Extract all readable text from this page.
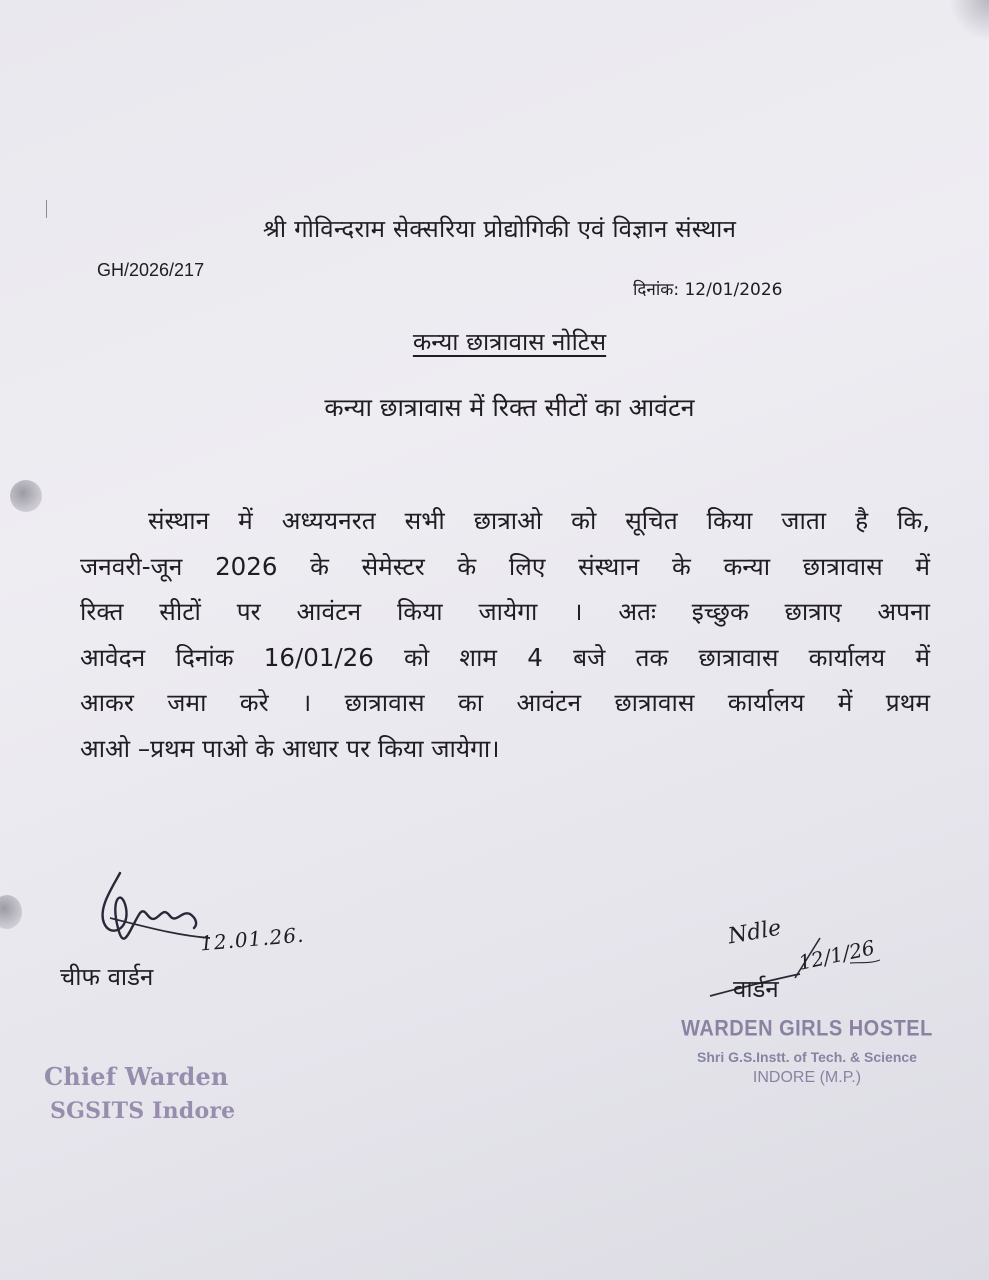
श्री गोविन्दराम सेक्सरिया प्रोद्योगिकी एवं विज्ञान संस्थान
GH/2026/217
दिनांक: 12/01/2026
कन्या छात्रावास नोटिस
कन्या छात्रावास में रिक्त सीटों का आवंटन
संस्थान में अध्ययनरत सभी छात्राओ को सूचित किया जाता है कि,
जनवरी-जून 2026 के सेमेस्टर के लिए संस्थान के कन्या छात्रावास में
रिक्त सीटों पर आवंटन किया जायेगा । अतः इच्छुक छात्राए अपना
आवेदन दिनांक 16/01/26 को शाम 4 बजे तक छात्रावास कार्यालय में
आकर जमा करे । छात्रावास का आवंटन छात्रावास कार्यालय में प्रथम
आओ –प्रथम पाओ के आधार पर किया जायेगा।
12.01.26.
चीफ वार्डन
Chief Warden
SGSITS Indore
Ndle
12/1/26
वार्डन
WARDEN GIRLS HOSTEL
Shri G.S.Instt. of Tech. & Science
INDORE (M.P.)
